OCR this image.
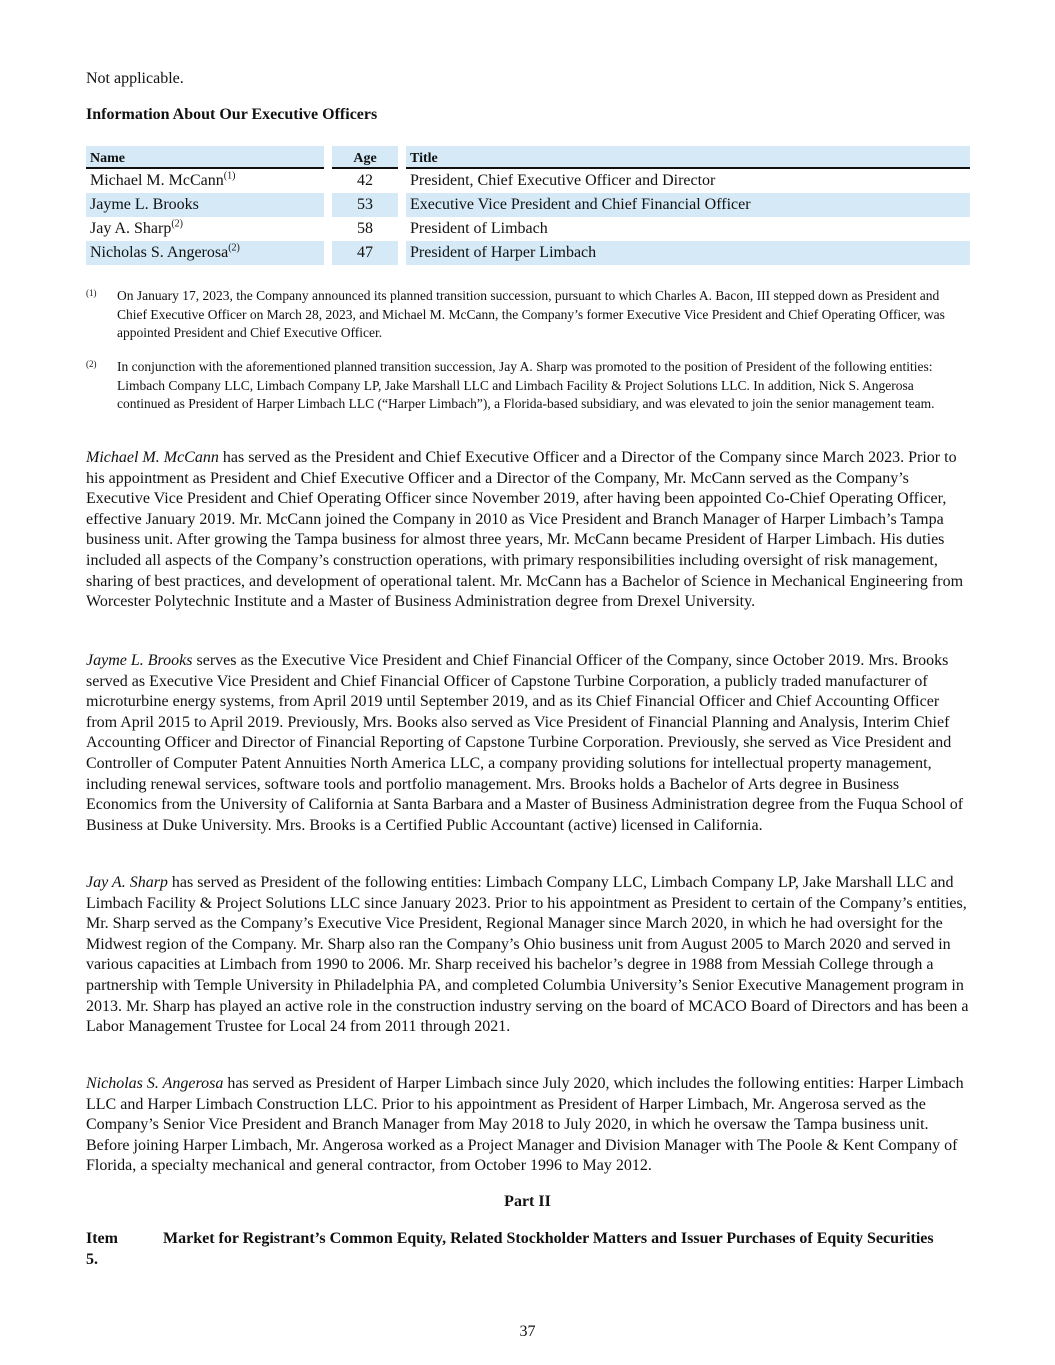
Not applicable.
Information About Our Executive Officers
Name		Age		Title
Michael M. McCann$^{(1)}$		42		President, Chief Executive Officer and Director
Jayme L. Brooks		53		Executive Vice President and Chief Financial Officer
Jay A. Sharp$^{(2)}$		58		President of Limbach
Nicholas S. Angerosa$^{(2)}$		47		President of Harper Limbach
(1) On January 17, 2023, the Company announced its planned transition succession, pursuant to which Charles A. Bacon, III stepped down as President and Chief Executive Officer on March 28, 2023, and Michael M. McCann, the Company’s former Executive Vice President and Chief Operating Officer, was appointed President and Chief Executive Officer.
(2) In conjunction with the aforementioned planned transition succession, Jay A. Sharp was promoted to the position of President of the following entities: Limbach Company LLC, Limbach Company LP, Jake Marshall LLC and Limbach Facility & Project Solutions LLC. In addition, Nick S. Angerosa continued as President of Harper Limbach LLC (“Harper Limbach”), a Florida-based subsidiary, and was elevated to join the senior management team.

Michael M. McCann has served as the President and Chief Executive Officer and a Director of the Company since March 2023. Prior to his appointment as President and Chief Executive Officer and a Director of the Company, Mr. McCann served as the Company’s Executive Vice President and Chief Operating Officer since November 2019, after having been appointed Co-Chief Operating Officer, effective January 2019. Mr. McCann joined the Company in 2010 as Vice President and Branch Manager of Harper Limbach’s Tampa business unit. After growing the Tampa business for almost three years, Mr. McCann became President of Harper Limbach. His duties included all aspects of the Company’s construction operations, with primary responsibilities including oversight of risk management, sharing of best practices, and development of operational talent. Mr. McCann has a Bachelor of Science in Mechanical Engineering from Worcester Polytechnic Institute and a Master of Business Administration degree from Drexel University.

Jayme L. Brooks serves as the Executive Vice President and Chief Financial Officer of the Company, since October 2019. Mrs. Brooks served as Executive Vice President and Chief Financial Officer of Capstone Turbine Corporation, a publicly traded manufacturer of microturbine energy systems, from April 2019 until September 2019, and as its Chief Financial Officer and Chief Accounting Officer from April 2015 to April 2019. Previously, Mrs. Books also served as Vice President of Financial Planning and Analysis, Interim Chief Accounting Officer and Director of Financial Reporting of Capstone Turbine Corporation. Previously, she served as Vice President and Controller of Computer Patent Annuities North America LLC, a company providing solutions for intellectual property management, including renewal services, software tools and portfolio management. Mrs. Brooks holds a Bachelor of Arts degree in Business Economics from the University of California at Santa Barbara and a Master of Business Administration degree from the Fuqua School of Business at Duke University. Mrs. Brooks is a Certified Public Accountant (active) licensed in California.

Jay A. Sharp has served as President of the following entities: Limbach Company LLC, Limbach Company LP, Jake Marshall LLC and Limbach Facility & Project Solutions LLC since January 2023. Prior to his appointment as President to certain of the Company’s entities, Mr. Sharp served as the Company’s Executive Vice President, Regional Manager since March 2020, in which he had oversight for the Midwest region of the Company. Mr. Sharp also ran the Company’s Ohio business unit from August 2005 to March 2020 and served in various capacities at Limbach from 1990 to 2006. Mr. Sharp received his bachelor’s degree in 1988 from Messiah College through a partnership with Temple University in Philadelphia PA, and completed Columbia University’s Senior Executive Management program in 2013. Mr. Sharp has played an active role in the construction industry serving on the board of MCACO Board of Directors and has been a Labor Management Trustee for Local 24 from 2011 through 2021.

Nicholas S. Angerosa has served as President of Harper Limbach since July 2020, which includes the following entities: Harper Limbach LLC and Harper Limbach Construction LLC. Prior to his appointment as President of Harper Limbach, Mr. Angerosa served as the Company’s Senior Vice President and Branch Manager from May 2018 to July 2020, in which he oversaw the Tampa business unit. Before joining Harper Limbach, Mr. Angerosa worked as a Project Manager and Division Manager with The Poole & Kent Company of Florida, a specialty mechanical and general contractor, from October 1996 to May 2012.

Part II
Item 5.
Market for Registrant’s Common Equity, Related Stockholder Matters and Issuer Purchases of Equity Securities
37
